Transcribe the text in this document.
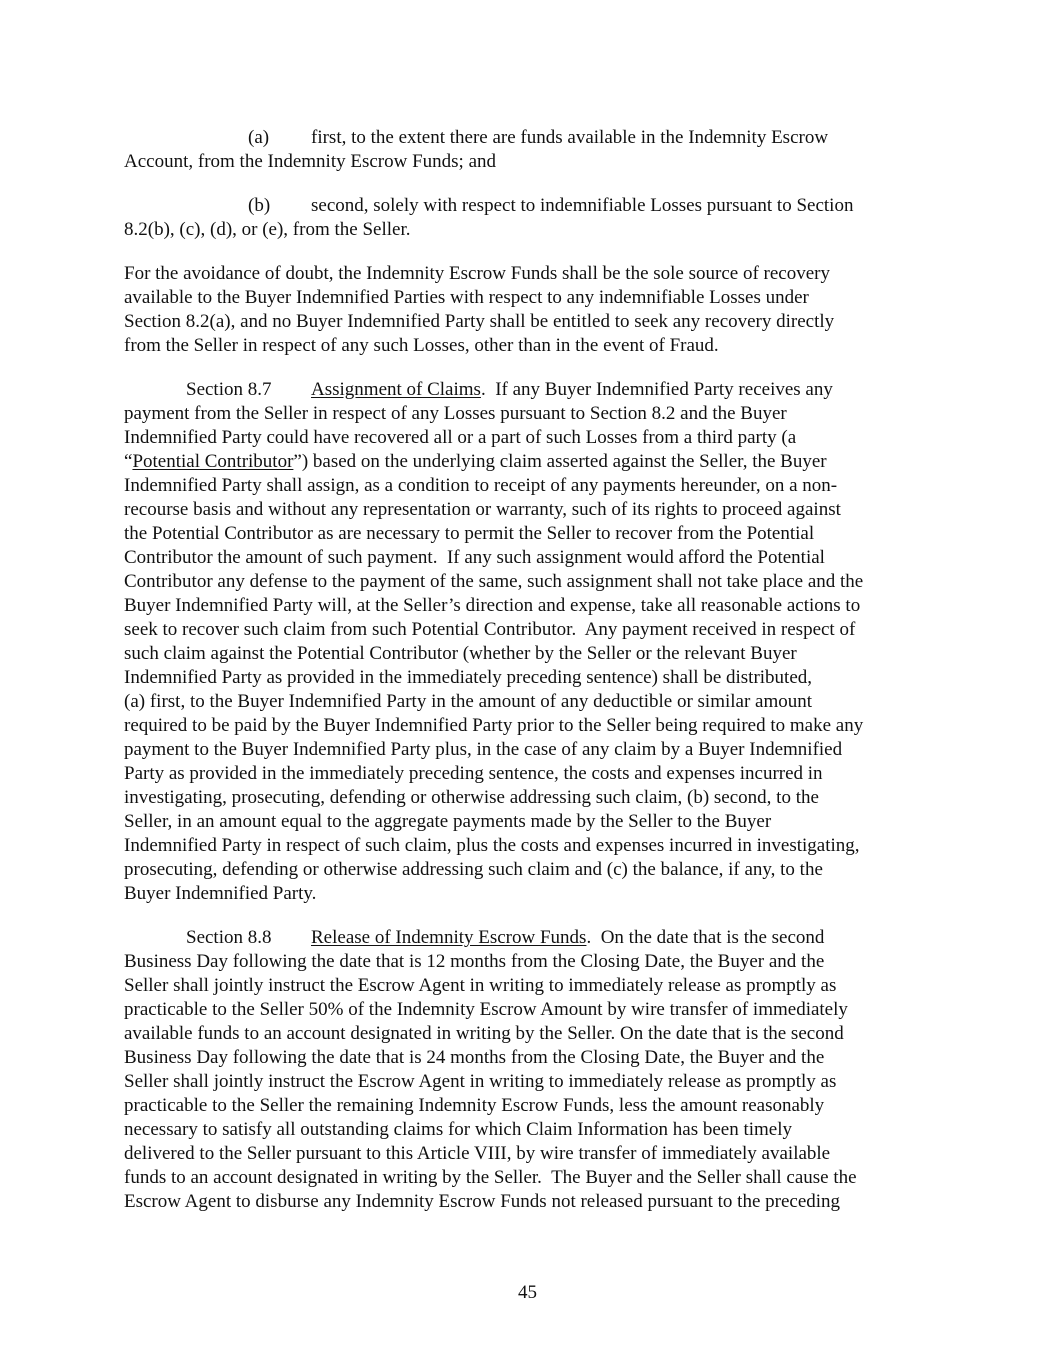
(a) first, to the extent there are funds available in the Indemnity Escrow
Account, from the Indemnity Escrow Funds; and
(b) second, solely with respect to indemnifiable Losses pursuant to Section
8.2(b), (c), (d), or (e), from the Seller.
For the avoidance of doubt, the Indemnity Escrow Funds shall be the sole source of recovery
available to the Buyer Indemnified Parties with respect to any indemnifiable Losses under
Section 8.2(a), and no Buyer Indemnified Party shall be entitled to seek any recovery directly
from the Seller in respect of any such Losses, other than in the event of Fraud.
Section 8.7 Assignment of Claims.  If any Buyer Indemnified Party receives any
payment from the Seller in respect of any Losses pursuant to Section 8.2 and the Buyer
Indemnified Party could have recovered all or a part of such Losses from a third party (a
“Potential Contributor”) based on the underlying claim asserted against the Seller, the Buyer
Indemnified Party shall assign, as a condition to receipt of any payments hereunder, on a non-
recourse basis and without any representation or warranty, such of its rights to proceed against
the Potential Contributor as are necessary to permit the Seller to recover from the Potential
Contributor the amount of such payment.  If any such assignment would afford the Potential
Contributor any defense to the payment of the same, such assignment shall not take place and the
Buyer Indemnified Party will, at the Seller’s direction and expense, take all reasonable actions to
seek to recover such claim from such Potential Contributor.  Any payment received in respect of
such claim against the Potential Contributor (whether by the Seller or the relevant Buyer
Indemnified Party as provided in the immediately preceding sentence) shall be distributed,
(a) first, to the Buyer Indemnified Party in the amount of any deductible or similar amount
required to be paid by the Buyer Indemnified Party prior to the Seller being required to make any
payment to the Buyer Indemnified Party plus, in the case of any claim by a Buyer Indemnified
Party as provided in the immediately preceding sentence, the costs and expenses incurred in
investigating, prosecuting, defending or otherwise addressing such claim, (b) second, to the
Seller, in an amount equal to the aggregate payments made by the Seller to the Buyer
Indemnified Party in respect of such claim, plus the costs and expenses incurred in investigating,
prosecuting, defending or otherwise addressing such claim and (c) the balance, if any, to the
Buyer Indemnified Party.
Section 8.8 Release of Indemnity Escrow Funds.  On the date that is the second
Business Day following the date that is 12 months from the Closing Date, the Buyer and the
Seller shall jointly instruct the Escrow Agent in writing to immediately release as promptly as
practicable to the Seller 50% of the Indemnity Escrow Amount by wire transfer of immediately
available funds to an account designated in writing by the Seller. On the date that is the second
Business Day following the date that is 24 months from the Closing Date, the Buyer and the
Seller shall jointly instruct the Escrow Agent in writing to immediately release as promptly as
practicable to the Seller the remaining Indemnity Escrow Funds, less the amount reasonably
necessary to satisfy all outstanding claims for which Claim Information has been timely
delivered to the Seller pursuant to this Article VIII, by wire transfer of immediately available
funds to an account designated in writing by the Seller.  The Buyer and the Seller shall cause the
Escrow Agent to disburse any Indemnity Escrow Funds not released pursuant to the preceding
45
